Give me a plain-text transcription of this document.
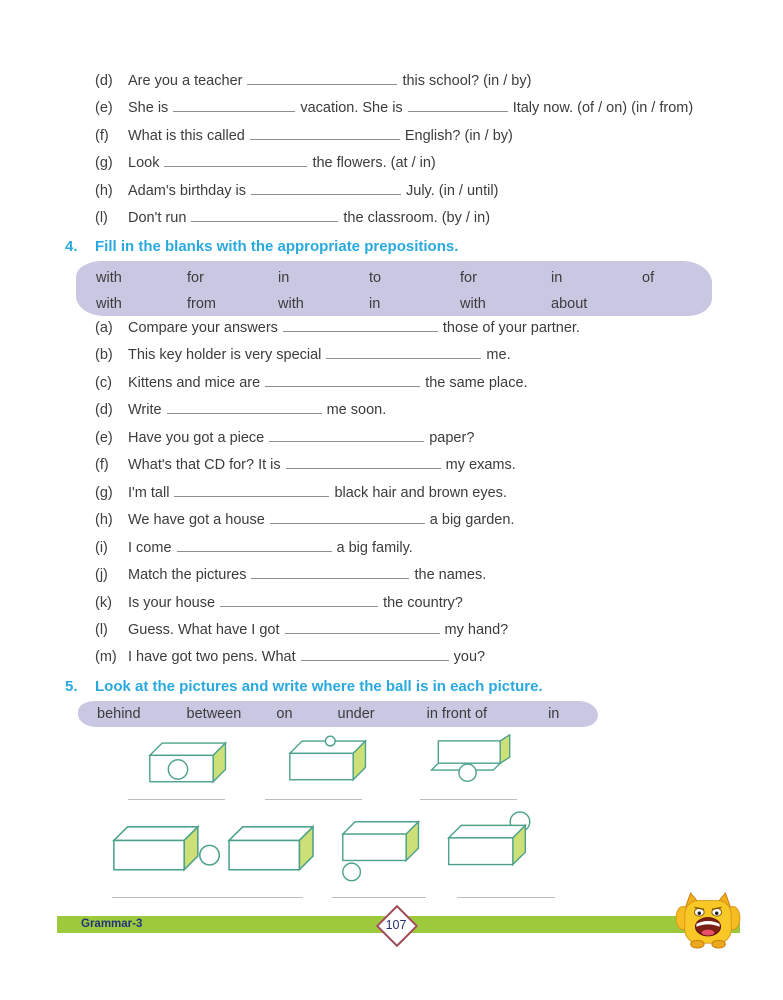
(d) Are you a teacher	this school? (in / by)
(e) She is	vacation. She is	Italy now. (of / on) (in / from)
(f) What is this called	English? (in / by)
(g) Look	the flowers. (at / in)
(h) Adam's birthday is	July. (in / until)
(l) Don't run	the classroom. (by / in)
4. Fill in the blanks with the appropriate prepositions.
with	for	in	to	for	in	of
with	from	with	in	with	about
(a) Compare your answers	those of your partner.
(b) This key holder is very special	me.
(c) Kittens and mice are	the same place.
(d) Write	me soon.
(e) Have you got a piece	paper?
(f) What's that CD for? It is	my exams.
(g) I'm tall	black hair and brown eyes.
(h) We have got a house	a big garden.
(i) I come	a big family.
(j) Match the pictures	the names.
(k) Is your house	the country?
(l) Guess. What have I got	my hand?
(m) I have got two pens. What	you?
5. Look at the pictures and write where the ball is in each picture.
behind	between on	under	in front of	in
Grammar-3	107
